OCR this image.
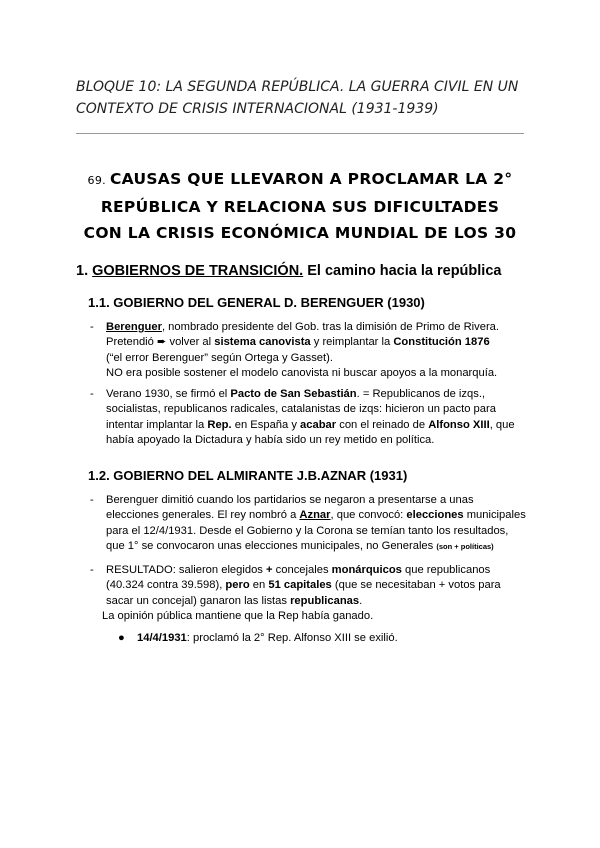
BLOQUE 10: LA SEGUNDA REPÚBLICA. LA GUERRA CIVIL EN UN
CONTEXTO DE CRISIS INTERNACIONAL (1931-1939)
69. CAUSAS QUE LLEVARON A PROCLAMAR LA 2°
REPÚBLICA Y RELACIONA SUS DIFICULTADES
CON LA CRISIS ECONÓMICA MUNDIAL DE LOS 30
1. GOBIERNOS DE TRANSICIÓN. El camino hacia la república
1.1. GOBIERNO DEL GENERAL D. BERENGUER (1930)
- Berenguer, nombrado presidente del Gob. tras la dimisión de Primo de Rivera.
Pretendió ➨ volver al sistema canovista y reimplantar la Constitución 1876
(“el error Berenguer” según Ortega y Gasset).
NO era posible sostener el modelo canovista ni buscar apoyos a la monarquía.
- Verano 1930, se firmó el Pacto de San Sebastián. = Republicanos de izqs.,
socialistas, republicanos radicales, catalanistas de izqs: hicieron un pacto para
intentar implantar la Rep. en España y acabar con el reinado de Alfonso XIII, que
había apoyado la Dictadura y había sido un rey metido en política.
1.2. GOBIERNO DEL ALMIRANTE J.B.AZNAR (1931)
- Berenguer dimitió cuando los partidarios se negaron a presentarse a unas
elecciones generales. El rey nombró a Aznar, que convocó: elecciones municipales
para el 12/4/1931. Desde el Gobierno y la Corona se temían tanto los resultados,
que 1° se convocaron unas elecciones municipales, no Generales (son + políticas)
- RESULTADO: salieron elegidos + concejales monárquicos que republicanos
(40.324 contra 39.598), pero en 51 capitales (que se necesitaban + votos para
sacar un concejal) ganaron las listas republicanas.
La opinión pública mantiene que la Rep había ganado.
● 14/4/1931: proclamó la 2° Rep. Alfonso XIII se exilió.
